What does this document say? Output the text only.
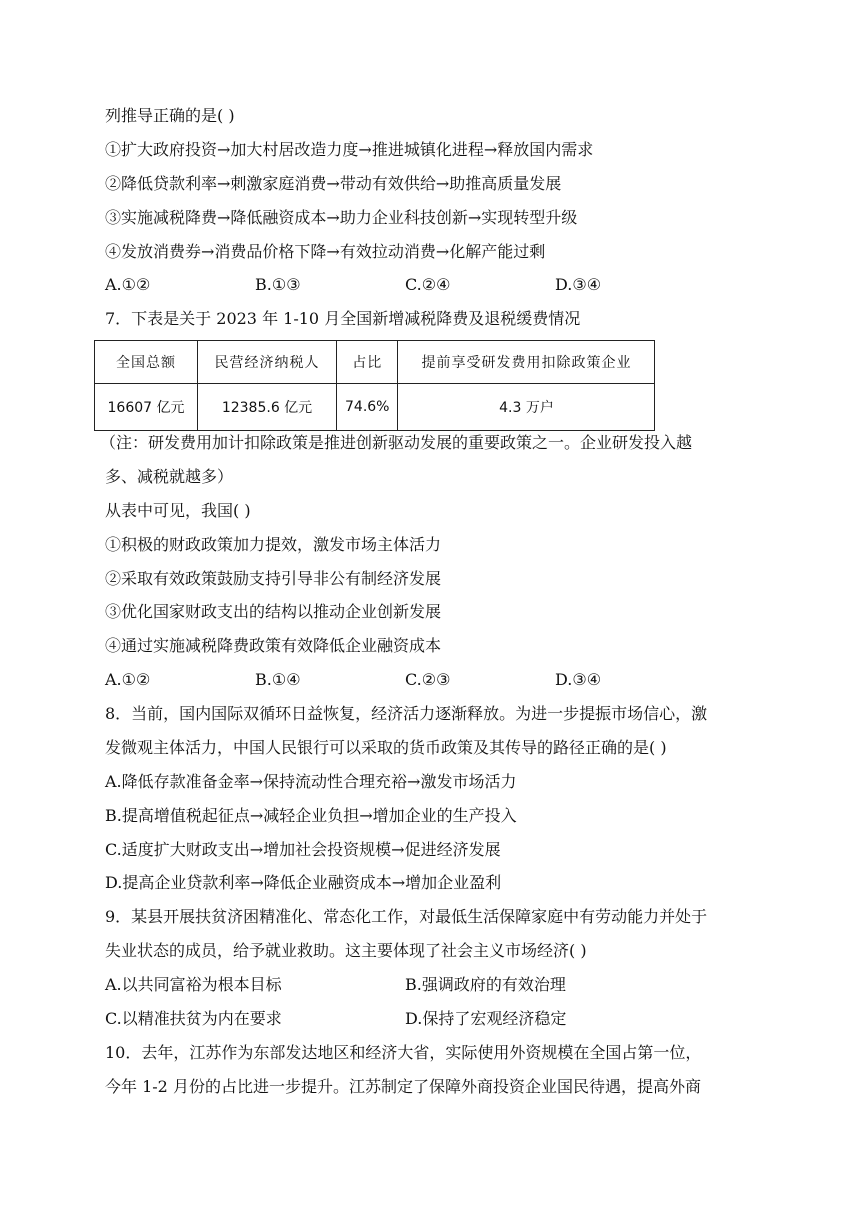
列推导正确的是( )
①扩大政府投资→加大村居改造力度→推进城镇化进程→释放国内需求
②降低贷款利率→刺激家庭消费→带动有效供给→助推高质量发展
③实施减税降费→降低融资成本→助力企业科技创新→实现转型升级
④发放消费券→消费品价格下降→有效拉动消费→化解产能过剩
A.①②	B.①③	C.②④	D.③④
7．下表是关于 2023 年 1-10 月全国新增减税降费及退税缓费情况
全国总额	民营经济纳税人	占比	提前享受研发费用扣除政策企业
16607 亿元	12385.6 亿元	74.6%	4.3 万户
（注：研发费用加计扣除政策是推进创新驱动发展的重要政策之一。企业研发投入越
多、减税就越多）
从表中可见，我国( )
①积极的财政政策加力提效，激发市场主体活力
②采取有效政策鼓励支持引导非公有制经济发展
③优化国家财政支出的结构以推动企业创新发展
④通过实施减税降费政策有效降低企业融资成本
A.①②	B.①④	C.②③	D.③④
8．当前，国内国际双循环日益恢复，经济活力逐渐释放。为进一步提振市场信心，激
发微观主体活力，中国人民银行可以采取的货币政策及其传导的路径正确的是( )
A.降低存款准备金率→保持流动性合理充裕→激发市场活力
B.提高增值税起征点→减轻企业负担→增加企业的生产投入
C.适度扩大财政支出→增加社会投资规模→促进经济发展
D.提高企业贷款利率→降低企业融资成本→增加企业盈利
9．某县开展扶贫济困精准化、常态化工作，对最低生活保障家庭中有劳动能力并处于
失业状态的成员，给予就业救助。这主要体现了社会主义市场经济( )
A.以共同富裕为根本目标	B.强调政府的有效治理
C.以精准扶贫为内在要求	D.保持了宏观经济稳定
10．去年，江苏作为东部发达地区和经济大省，实际使用外资规模在全国占第一位，
今年 1-2 月份的占比进一步提升。江苏制定了保障外商投资企业国民待遇，提高外商
